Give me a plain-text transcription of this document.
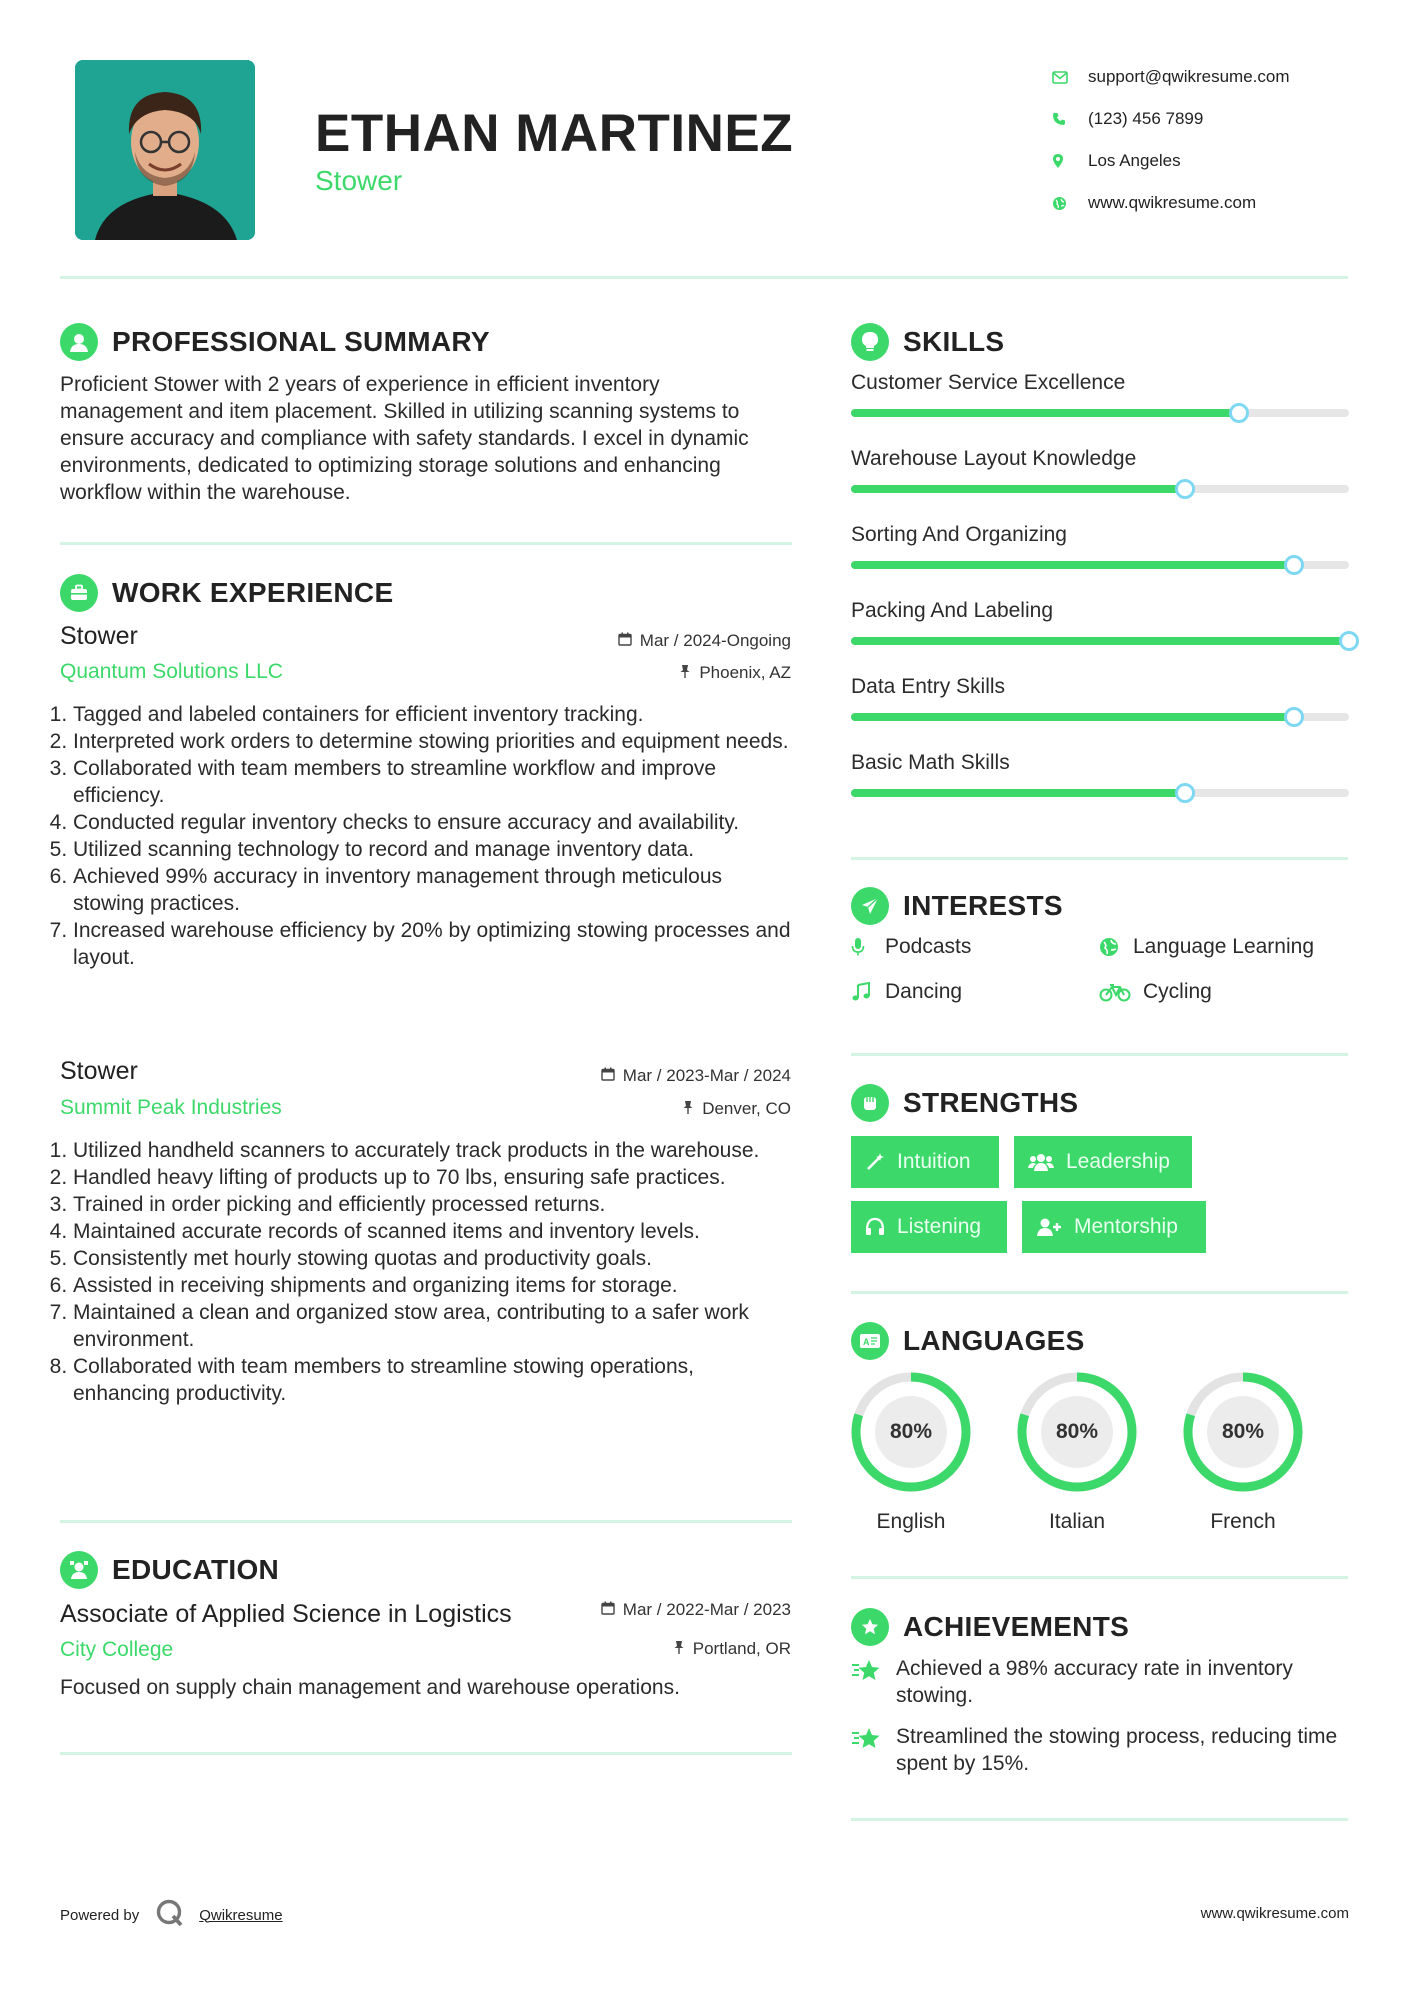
ETHAN MARTINEZ
Stower
support@qwikresume.com
(123) 456 7899
Los Angeles
www.qwikresume.com
PROFESSIONAL SUMMARY
Proficient Stower with 2 years of experience in efficient inventory management and item placement. Skilled in utilizing scanning systems to ensure accuracy and compliance with safety standards. I excel in dynamic environments, dedicated to optimizing storage solutions and enhancing workflow within the warehouse.
WORK EXPERIENCE
Stower	Mar / 2024-Ongoing
Quantum Solutions LLC	Phoenix, AZ
1. Tagged and labeled containers for efficient inventory tracking.
2. Interpreted work orders to determine stowing priorities and equipment needs.
3. Collaborated with team members to streamline workflow and improve efficiency.
4. Conducted regular inventory checks to ensure accuracy and availability.
5. Utilized scanning technology to record and manage inventory data.
6. Achieved 99% accuracy in inventory management through meticulous stowing practices.
7. Increased warehouse efficiency by 20% by optimizing stowing processes and layout.
Stower	Mar / 2023-Mar / 2024
Summit Peak Industries	Denver, CO
1. Utilized handheld scanners to accurately track products in the warehouse.
2. Handled heavy lifting of products up to 70 lbs, ensuring safe practices.
3. Trained in order picking and efficiently processed returns.
4. Maintained accurate records of scanned items and inventory levels.
5. Consistently met hourly stowing quotas and productivity goals.
6. Assisted in receiving shipments and organizing items for storage.
7. Maintained a clean and organized stow area, contributing to a safer work environment.
8. Collaborated with team members to streamline stowing operations, enhancing productivity.
EDUCATION
Associate of Applied Science in Logistics	Mar / 2022-Mar / 2023
City College	Portland, OR
Focused on supply chain management and warehouse operations.
SKILLS
Customer Service Excellence
Warehouse Layout Knowledge
Sorting And Organizing
Packing And Labeling
Data Entry Skills
Basic Math Skills
INTERESTS
Podcasts	Language Learning
Dancing	Cycling
STRENGTHS
Intuition	Leadership
Listening	Mentorship
A LANGUAGES
80%
English
80%
Italian
80%
French
ACHIEVEMENTS
Achieved a 98% accuracy rate in inventory stowing.
Streamlined the stowing process, reducing time spent by 15%.
Powered by	Qwikresume	www.qwikresume.com
